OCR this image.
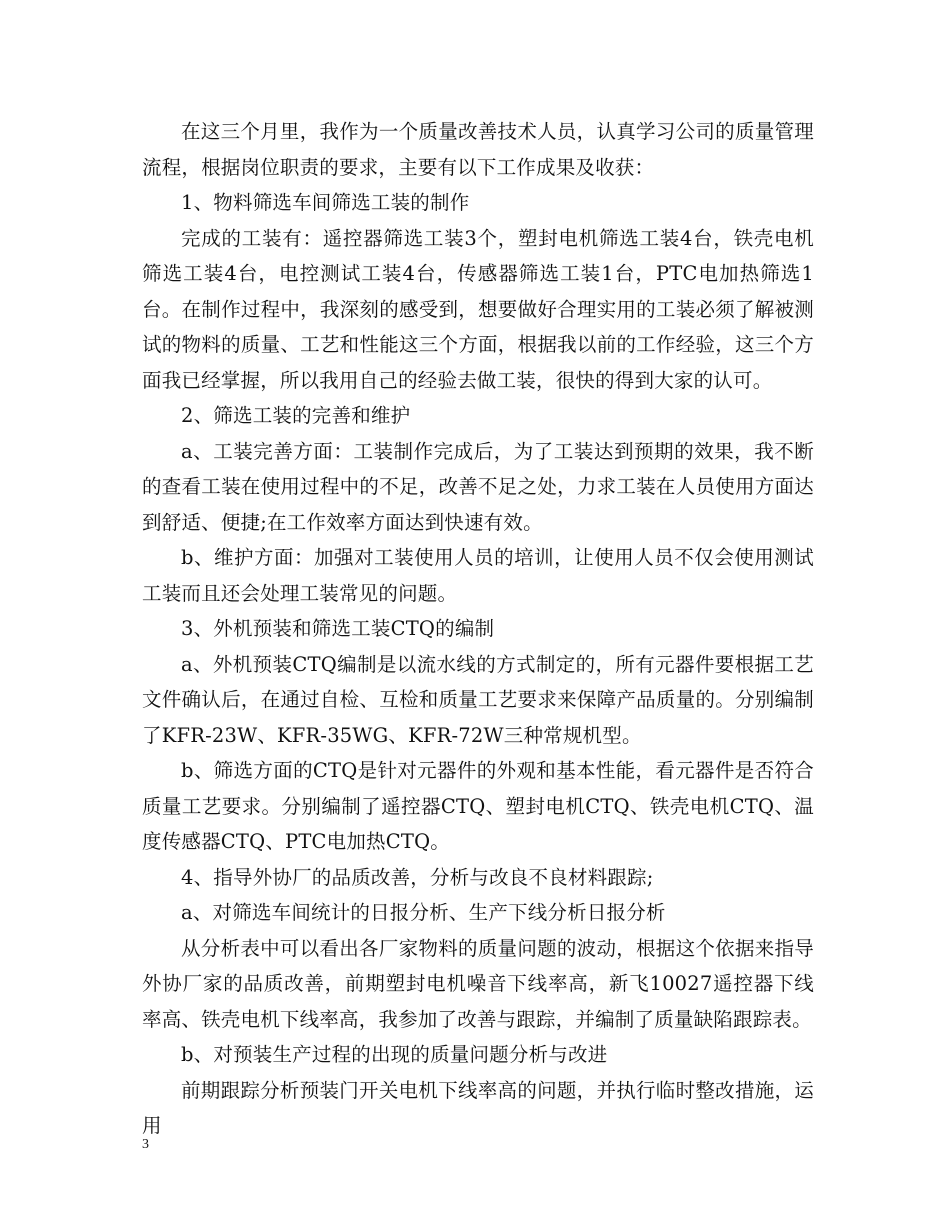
在这三个月里，我作为一个质量改善技术人员，认真学习公司的质量管理流程，根据岗位职责的要求，主要有以下工作成果及收获：

1、物料筛选车间筛选工装的制作

完成的工装有：遥控器筛选工装3个，塑封电机筛选工装4台，铁壳电机筛选工装4台，电控测试工装4台，传感器筛选工装1台，PTC电加热筛选1台。在制作过程中，我深刻的感受到，想要做好合理实用的工装必须了解被测试的物料的质量、工艺和性能这三个方面，根据我以前的工作经验，这三个方面我已经掌握，所以我用自己的经验去做工装，很快的得到大家的认可。

2、筛选工装的完善和维护

a、工装完善方面：工装制作完成后，为了工装达到预期的效果，我不断的查看工装在使用过程中的不足，改善不足之处，力求工装在人员使用方面达到舒适、便捷;在工作效率方面达到快速有效。

b、维护方面：加强对工装使用人员的培训，让使用人员不仅会使用测试工装而且还会处理工装常见的问题。

3、外机预装和筛选工装CTQ的编制

a、外机预装CTQ编制是以流水线的方式制定的，所有元器件要根据工艺文件确认后，在通过自检、互检和质量工艺要求来保障产品质量的。分别编制了KFR-23W、KFR-35WG、KFR-72W三种常规机型。

b、筛选方面的CTQ是针对元器件的外观和基本性能，看元器件是否符合质量工艺要求。分别编制了遥控器CTQ、塑封电机CTQ、铁壳电机CTQ、温度传感器CTQ、PTC电加热CTQ。

4、指导外协厂的品质改善，分析与改良不良材料跟踪;

a、对筛选车间统计的日报分析、生产下线分析日报分析

从分析表中可以看出各厂家物料的质量问题的波动，根据这个依据来指导外协厂家的品质改善，前期塑封电机噪音下线率高，新飞10027遥控器下线率高、铁壳电机下线率高，我参加了改善与跟踪，并编制了质量缺陷跟踪表。

b、对预装生产过程的出现的质量问题分析与改进

前期跟踪分析预装门开关电机下线率高的问题，并执行临时整改措施，运用

3
